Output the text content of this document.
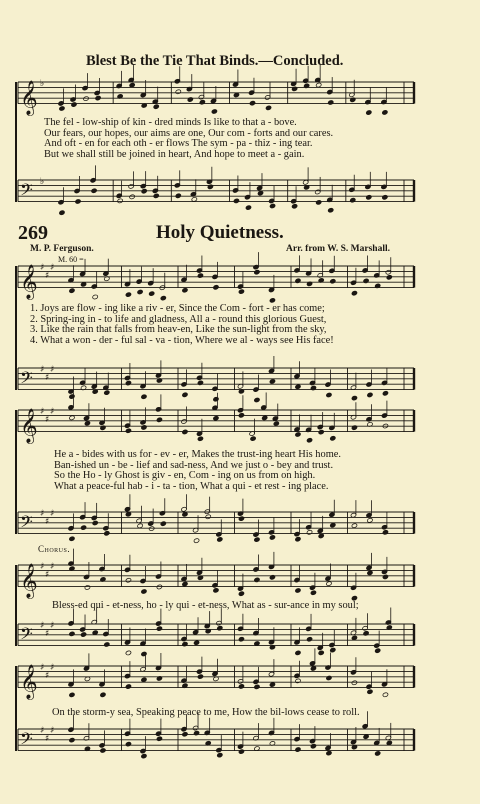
𝄞 ♭
𝄢 ♭
𝄞 ♯
♯
♯
𝄢 ♯
♯
♯
𝄞 ♯
♯
♯
𝄢 ♯
♯
♯
𝄞 ♯
♯
♯
𝄢 ♯
♯
♯
𝄞 ♯
♯
♯
𝄢 ♯
♯
♯
Blest Be the Tie That Binds.—Concluded.
269	Holy Quietness.
M. P. Ferguson.	Arr. from W. S. Marshall.
M. 60 =
The fel - low-ship of kin - dred minds Is like to that a - bove.
Our fears, our hopes, our aims are one, Our com - forts and our cares.
And oft - en for each oth - er flows The sym - pa - thiz - ing tear.
But we shall still be joined in heart, And hope to meet a - gain.
1. Joys are flow - ing like a riv - er, Since the Com - fort - er has come;
2. Spring-ing in - to life and gladness, All a - round this glorious Guest,
3. Like the rain that falls from heav-en, Like the sun-light from the sky,
4. What a won - der - ful sal - va - tion, Where we al - ways see His face!
He a - bides with us for - ev - er, Makes the trust-ing heart His home.
Ban-ished un - be - lief and sad-ness, And we just o - bey and trust.
So the Ho - ly Ghost is giv - en, Com - ing on us from on high.
What a peace-ful hab - i - ta - tion, What a qui - et rest - ing place.
Chorus.
Bless-ed qui - et-ness, ho - ly qui - et-ness, What as - sur-ance in my soul;
On the storm-y sea, Speaking peace to me, How the bil-lows cease to roll.
